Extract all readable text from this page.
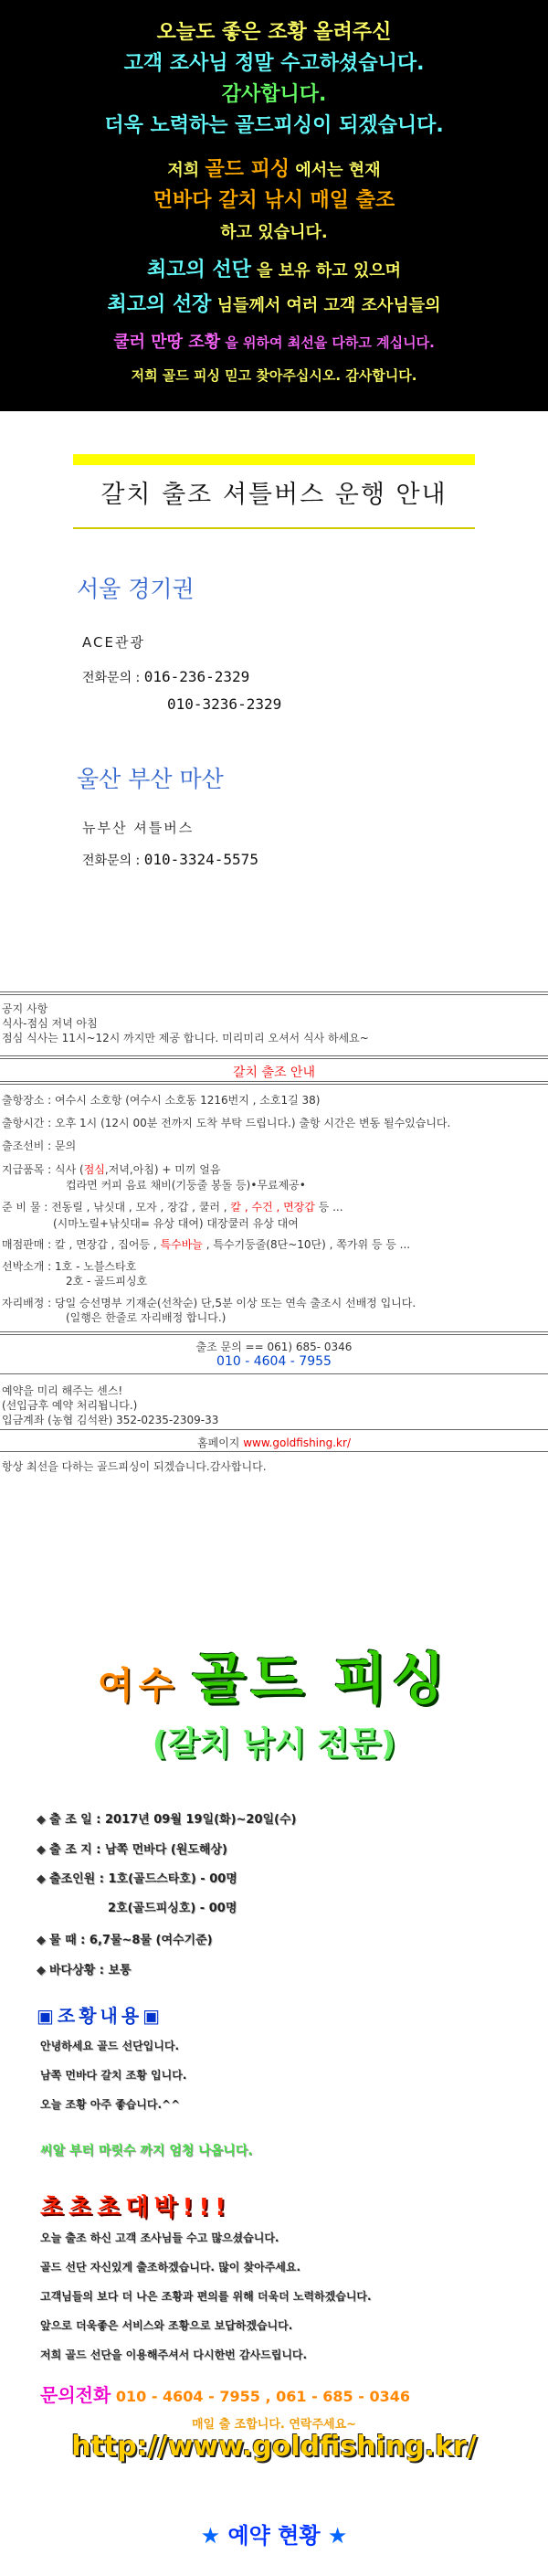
오늘도 좋은 조황 올려주신
고객 조사님 정말 수고하셨습니다.
감사합니다.
더욱 노력하는 골드피싱이 되겠습니다.
저희 골드 피싱 에서는 현재
먼바다 갈치 낚시 매일 출조
하고 있습니다.
최고의 선단 을 보유 하고 있으며
최고의 선장 님들께서 여러 고객 조사님들의
쿨러 만땅 조황 을 위하여 최선을 다하고 계십니다.
저희 골드 피싱 믿고 찾아주십시오. 감사합니다.
갈치 출조 셔틀버스 운행 안내
서울 경기권
ACE관광
전화문의 : 016-236-2329
010-3236-2329
울산 부산 마산
뉴부산 셔틀버스
전화문의 : 010-3324-5575
공지 사항
식사-점심 저녁 아침
점심 식사는 11시~12시 까지만 제공 합니다. 미리미리 오셔서 식사 하세요~
갈치 출조 안내
출항장소 : 여수시 소호항 (여수시 소호동 1216번지 , 소호1길 38)
출항시간 : 오후 1시 (12시 00분 전까지 도착 부탁 드립니다.) 출항 시간은 변동 될수있습니다.
출조선비 : 문의
지급품목 : 식사 (점심,저녁,아침) + 미끼 얼음
컵라면 커피 음료 채비(기둥줄 봉돌 등)•무료제공•
준 비 물 : 전동릴 , 낚싯대 , 모자 , 장갑 , 쿨러 , 칼 , 수건 , 면장갑 등 ...
(시마노릴+낚싯대= 유상 대여) 대장쿨러 유상 대여
매점판매 : 칼 , 면장갑 , 집어등 , 특수바늘 , 특수기둥줄(8단~10단) , 쪽가위 등 등 ...
선박소개 : 1호 - 노블스타호
2호 - 골드피싱호
자리배정 : 당일 승선명부 기재순(선착순) 단,5분 이상 또는 연속 출조시 선배정 입니다.
(일행은 한줄로 자리배정 합니다.)
출조 문의 == 061) 685- 0346
010 - 4604 - 7955
예약을 미리 해주는 센스!
(선입금후 예약 처리됩니다.)
입금계좌 (농협 김석완) 352-0235-2309-33
홈페이지 www.goldfishing.kr/
항상 최선을 다하는 골드피싱이 되겠습니다.감사합니다.
여수 골드 피싱
(갈치 낚시 전문)
◆ 출 조 일 : 2017년 09월 19일(화)~20일(수)
◆ 출 조 지 : 남쪽 먼바다 (원도해상)
◆ 출조인원 : 1호(골드스타호) - 00명
2호(골드피싱호) - 00명
◆ 물 때 : 6,7물~8물 (여수기준)
◆ 바다상황 : 보통
▣조황내용▣
안녕하세요 골드 선단입니다.
남쪽 먼바다 갈치 조황 입니다.
오늘 조황 아주 좋습니다.^^
씨알 부터 마릿수 까지 엄청 나옵니다.
초초초대박!!!
오늘 출조 하신 고객 조사님들 수고 많으셨습니다.
골드 선단 자신있게 출조하겠습니다. 많이 찾아주세요.
고객님들의 보다 더 나은 조황과 편의를 위해 더욱더 노력하겠습니다.
앞으로 더욱좋은 서비스와 조황으로 보답하겠습니다.
저희 골드 선단을 이용해주셔서 다시한번 감사드립니다.
문의전화 010 - 4604 - 7955 , 061 - 685 - 0346
매일 출 조합니다. 연락주세요~
http://www.goldfishing.kr/
★ 예약 현황 ★
